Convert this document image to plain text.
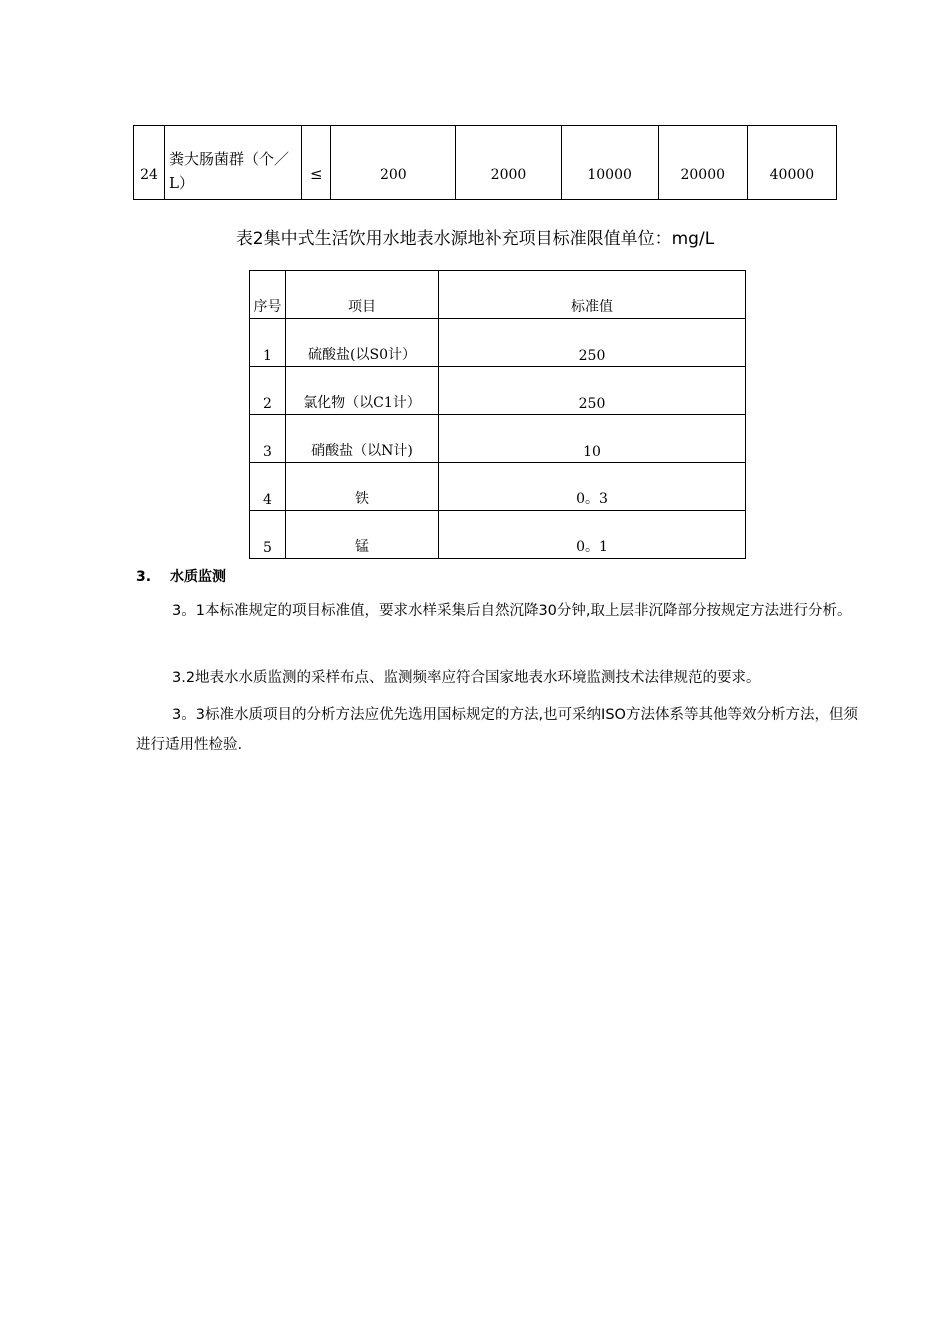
24	粪大肠菌群（个／L）	≤	200	2000	10000	20000	40000
表2集中式生活饮用水地表水源地补充项目标准限值单位：mg/L
序号	项目	标准值
1	硫酸盐(以S0计）	250
2	氯化物（以C1计）	250
3	硝酸盐（以N计)	10
4	铁	0。3
5	锰	0。1
3. 水质监测
3。1本标准规定的项目标准值，要求水样采集后自然沉降30分钟,取上层非沉降部分按规定方法进行分析。
3.2地表水水质监测的采样布点、监测频率应符合国家地表水环境监测技术法律规范的要求。
3。3标准水质项目的分析方法应优先选用国标规定的方法,也可采纳ISO方法体系等其他等效分析方法，但须进行适用性检验.
